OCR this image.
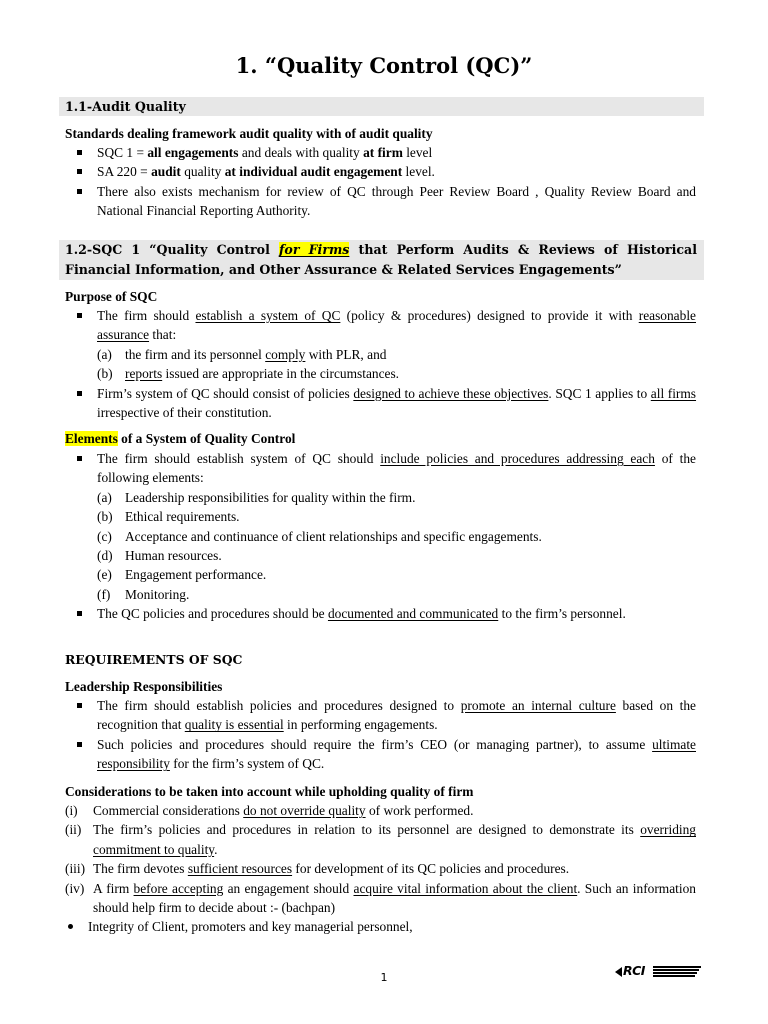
1. “Quality Control (QC)”
1.1-Audit Quality
Standards dealing framework audit quality with of audit quality
SQC 1 = all engagements and deals with quality at firm level
SA 220 = audit quality at individual audit engagement level.
There also exists mechanism for review of QC through Peer Review Board , Quality Review Board and National Financial Reporting Authority.
1.2-SQC 1 “Quality Control for Firms that Perform Audits & Reviews of Historical Financial Information, and Other Assurance & Related Services Engagements”
Purpose of SQC
The firm should establish a system of QC (policy & procedures) designed to provide it with reasonable assurance that:
(a) the firm and its personnel comply with PLR, and
(b) reports issued are appropriate in the circumstances.
Firm’s system of QC should consist of policies designed to achieve these objectives. SQC 1 applies to all firms irrespective of their constitution.
Elements of a System of Quality Control
The firm should establish system of QC should include policies and procedures addressing each of the following elements:
(a) Leadership responsibilities for quality within the firm.
(b) Ethical requirements.
(c) Acceptance and continuance of client relationships and specific engagements.
(d) Human resources.
(e) Engagement performance.
(f) Monitoring.
The QC policies and procedures should be documented and communicated to the firm’s personnel.
REQUIREMENTS OF SQC
Leadership Responsibilities
The firm should establish policies and procedures designed to promote an internal culture based on the recognition that quality is essential in performing engagements.
Such policies and procedures should require the firm’s CEO (or managing partner), to assume ultimate responsibility for the firm’s system of QC.
Considerations to be taken into account while upholding quality of firm
(i) Commercial considerations do not override quality of work performed.
(ii) The firm’s policies and procedures in relation to its personnel are designed to demonstrate its overriding commitment to quality.
(iii) The firm devotes sufficient resources for development of its QC policies and procedures.
(iv) A firm before accepting an engagement should acquire vital information about the client. Such an information should help firm to decide about :- (bachpan)
Integrity of Client, promoters and key managerial personnel,
1	RCI
